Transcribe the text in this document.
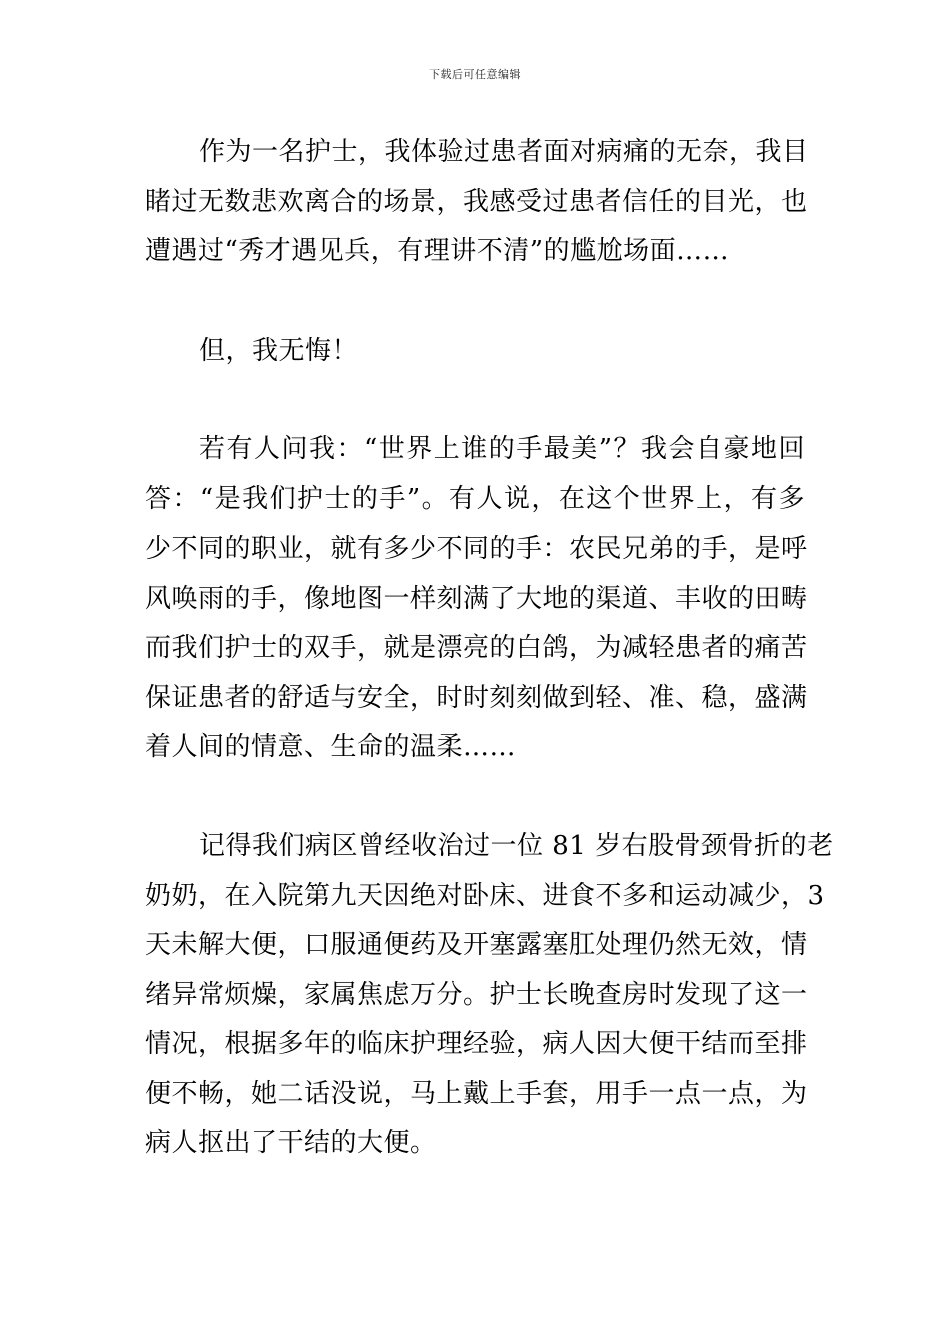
下载后可任意编辑
作为一名护士，我体验过患者面对病痛的无奈，我目
睹过无数悲欢离合的场景，我感受过患者信任的目光，也
遭遇过“秀才遇见兵，有理讲不清”的尴尬场面……
但，我无悔！
若有人问我：“世界上谁的手最美”？我会自豪地回
答：“是我们护士的手”。有人说，在这个世界上，有多
少不同的职业，就有多少不同的手：农民兄弟的手，是呼
风唤雨的手，像地图一样刻满了大地的渠道、丰收的田畴
而我们护士的双手，就是漂亮的白鸽，为减轻患者的痛苦
保证患者的舒适与安全，时时刻刻做到轻、准、稳，盛满
着人间的情意、生命的温柔……
记得我们病区曾经收治过一位 81 岁右股骨颈骨折的老
奶奶，在入院第九天因绝对卧床、进食不多和运动减少，3
天未解大便，口服通便药及开塞露塞肛处理仍然无效，情
绪异常烦燥，家属焦虑万分。护士长晚查房时发现了这一
情况，根据多年的临床护理经验，病人因大便干结而至排
便不畅，她二话没说，马上戴上手套，用手一点一点，为
病人抠出了干结的大便。
